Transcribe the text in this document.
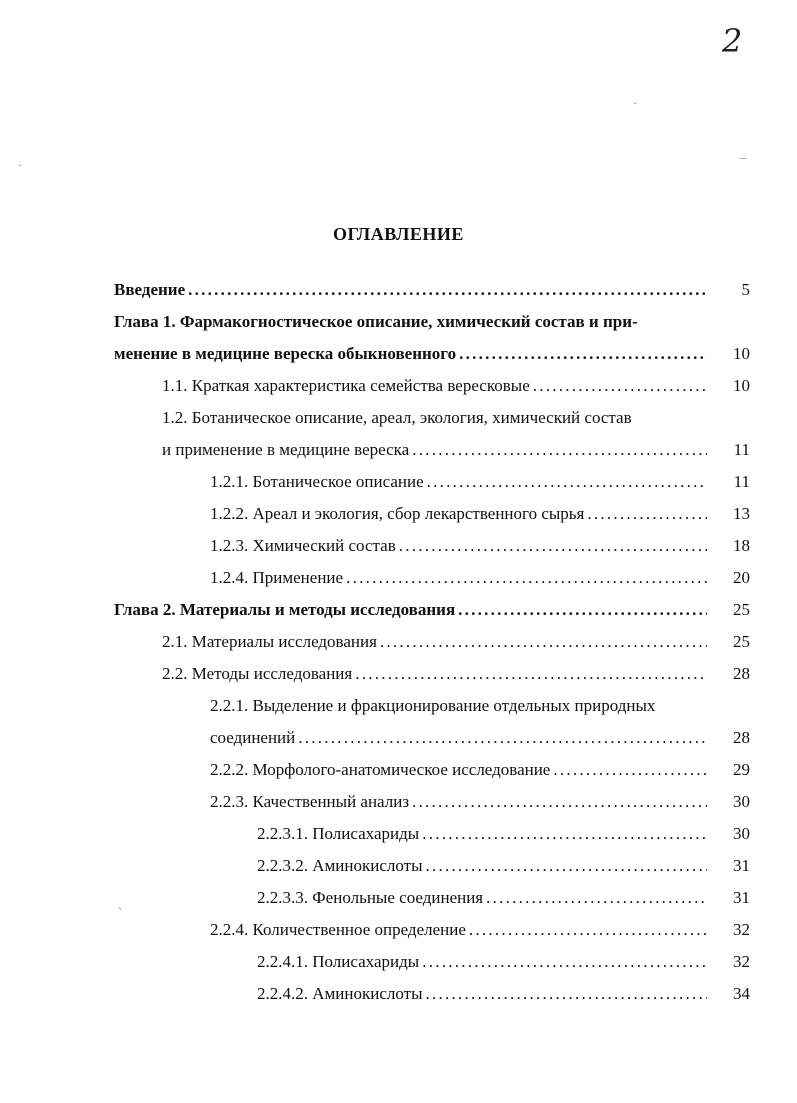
2
·
–
·
ˋ
ОГЛАВЛЕНИЕ
Введение . . .	5
Глава 1. Фармакогностическое описание, химический состав и при-
менение в медицине вереска обыкновенного . . .	10
1.1. Краткая характеристика семейства вересковые . . .	10
1.2. Ботаническое описание, ареал, экология, химический состав
и применение в медицине вереска . . .	11
1.2.1. Ботаническое описание . . .	11
1.2.2. Ареал и экология, сбор лекарственного сырья . . .	13
1.2.3. Химический состав . . .	18
1.2.4. Применение . . .	20
Глава 2. Материалы и методы исследования . . .	25
2.1. Материалы исследования . . .	25
2.2. Методы исследования . . .	28
2.2.1. Выделение и фракционирование отдельных природных
соединений . . .	28
2.2.2. Морфолого-анатомическое исследование . . .	29
2.2.3. Качественный анализ . . .	30
2.2.3.1. Полисахариды . . .	30
2.2.3.2. Аминокислоты . . .	31
2.2.3.3. Фенольные соединения . . .	31
2.2.4. Количественное определение . . .	32
2.2.4.1. Полисахариды . . .	32
2.2.4.2. Аминокислоты . . .	34
